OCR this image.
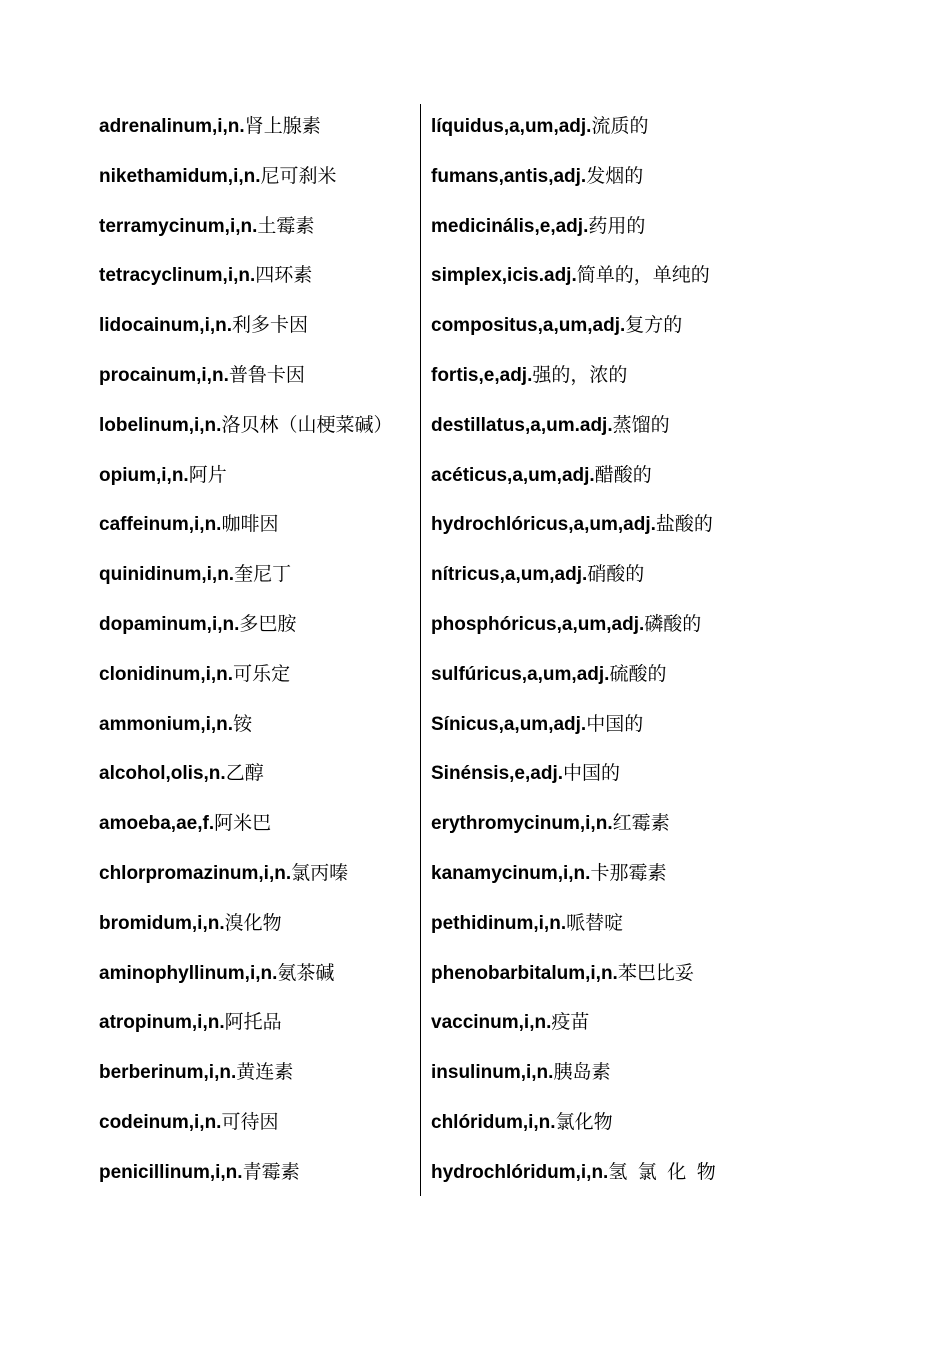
adrenalinum,i,n.肾上腺素
nikethamidum,i,n.尼可刹米
terramycinum,i,n.土霉素
tetracyclinum,i,n.四环素
lidocainum,i,n.利多卡因
procainum,i,n.普鲁卡因
lobelinum,i,n.洛贝林（山梗菜碱）
opium,i,n.阿片
caffeinum,i,n.咖啡因
quinidinum,i,n.奎尼丁
dopaminum,i,n.多巴胺
clonidinum,i,n.可乐定
ammonium,i,n.铵
alcohol,olis,n.乙醇
amoeba,ae,f.阿米巴
chlorpromazinum,i,n.氯丙嗪
bromidum,i,n.溴化物
aminophyllinum,i,n.氨茶碱
atropinum,i,n.阿托品
berberinum,i,n.黄连素
codeinum,i,n.可待因
penicillinum,i,n.青霉素
líquidus,a,um,adj.流质的
fumans,antis,adj.发烟的
medicinális,e,adj.药用的
simplex,icis.adj.简单的，单纯的
compositus,a,um,adj.复方的
fortis,e,adj.强的，浓的
destillatus,a,um.adj.蒸馏的
acéticus,a,um,adj.醋酸的
hydrochlóricus,a,um,adj.盐酸的
nítricus,a,um,adj.硝酸的
phosphóricus,a,um,adj.磷酸的
sulfúricus,a,um,adj.硫酸的
Sínicus,a,um,adj.中国的
Sinénsis,e,adj.中国的
erythromycinum,i,n.红霉素
kanamycinum,i,n.卡那霉素
pethidinum,i,n.哌替啶
phenobarbitalum,i,n.苯巴比妥
vaccinum,i,n.疫苗
insulinum,i,n.胰岛素
chlóridum,i,n.氯化物
hydrochlóridum,i,n.氢氯化物
